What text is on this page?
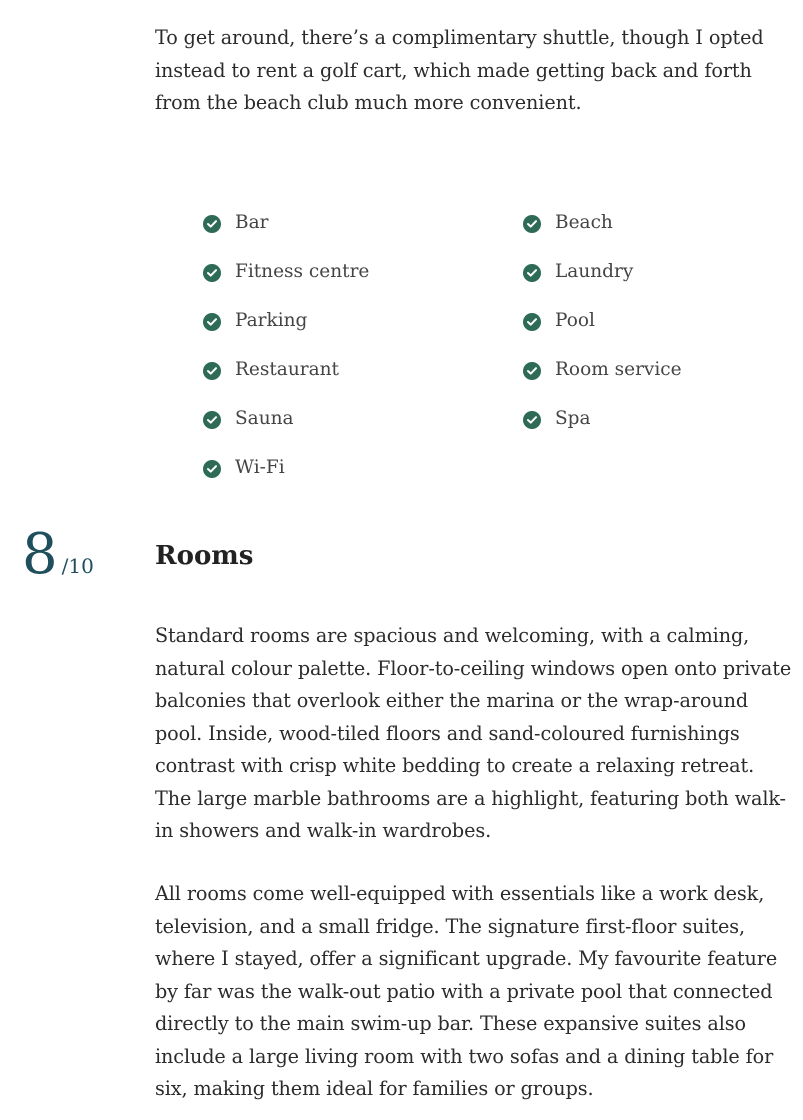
To get around, there’s a complimentary shuttle, though I opted instead to rent a golf cart, which made getting back and forth from the beach club much more convenient.

Bar	Beach
Fitness centre	Laundry
Parking	Pool
Restaurant	Room service
Sauna	Spa
Wi-Fi
8 /10 Rooms

Standard rooms are spacious and welcoming, with a calming, natural colour palette. Floor-to-ceiling windows open onto private balconies that overlook either the marina or the wrap-around pool. Inside, wood-tiled floors and sand-coloured furnishings contrast with crisp white bedding to create a relaxing retreat. The large marble bathrooms are a highlight, featuring both walk-in showers and walk-in wardrobes.

All rooms come well-equipped with essentials like a work desk, television, and a small fridge. The signature first-floor suites, where I stayed, offer a significant upgrade. My favourite feature by far was the walk-out patio with a private pool that connected directly to the main swim-up bar. These expansive suites also include a large living room with two sofas and a dining table for six, making them ideal for families or groups.
